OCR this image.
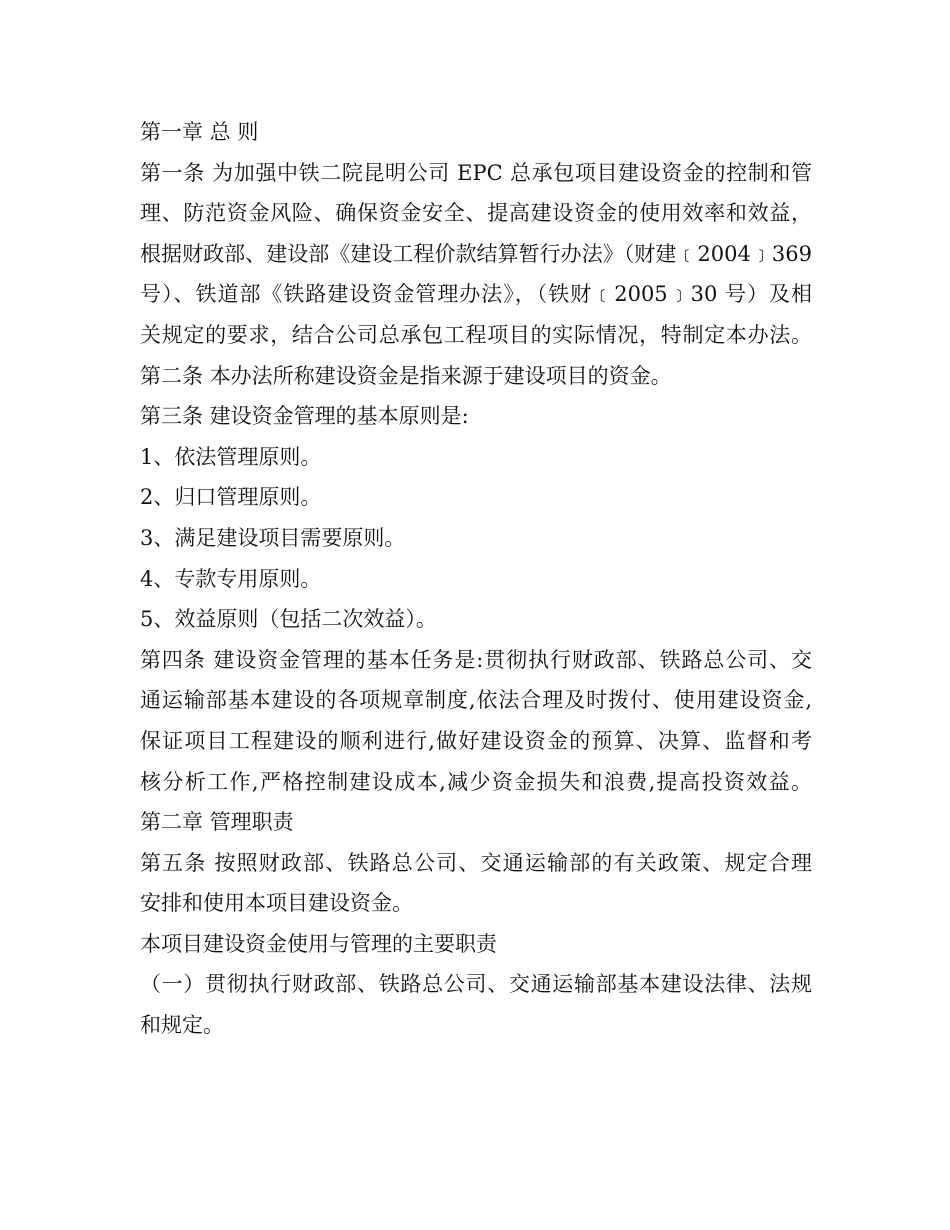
第一章 总 则
第一条 为加强中铁二院昆明公司 EPC 总承包项目建设资金的控制和管
理、防范资金风险、确保资金安全、提高建设资金的使用效率和效益，
根据财政部、建设部《建设工程价款结算暂行办法》（财建﹝2004﹞369
号）、铁道部《铁路建设资金管理办法》，（铁财﹝2005﹞30 号）及相
关规定的要求，结合公司总承包工程项目的实际情况，特制定本办法。
第二条 本办法所称建设资金是指来源于建设项目的资金。
第三条 建设资金管理的基本原则是:
1、依法管理原则。
2、归口管理原则。
3、满足建设项目需要原则。
4、专款专用原则。
5、效益原则（包括二次效益）。
第四条 建设资金管理的基本任务是:贯彻执行财政部、铁路总公司、交
通运输部基本建设的各项规章制度,依法合理及时拨付、使用建设资金,
保证项目工程建设的顺利进行,做好建设资金的预算、决算、监督和考
核分析工作,严格控制建设成本,减少资金损失和浪费,提高投资效益。
第二章 管理职责
第五条 按照财政部、铁路总公司、交通运输部的有关政策、规定合理
安排和使用本项目建设资金。
本项目建设资金使用与管理的主要职责
（一）贯彻执行财政部、铁路总公司、交通运输部基本建设法律、法规
和规定。
